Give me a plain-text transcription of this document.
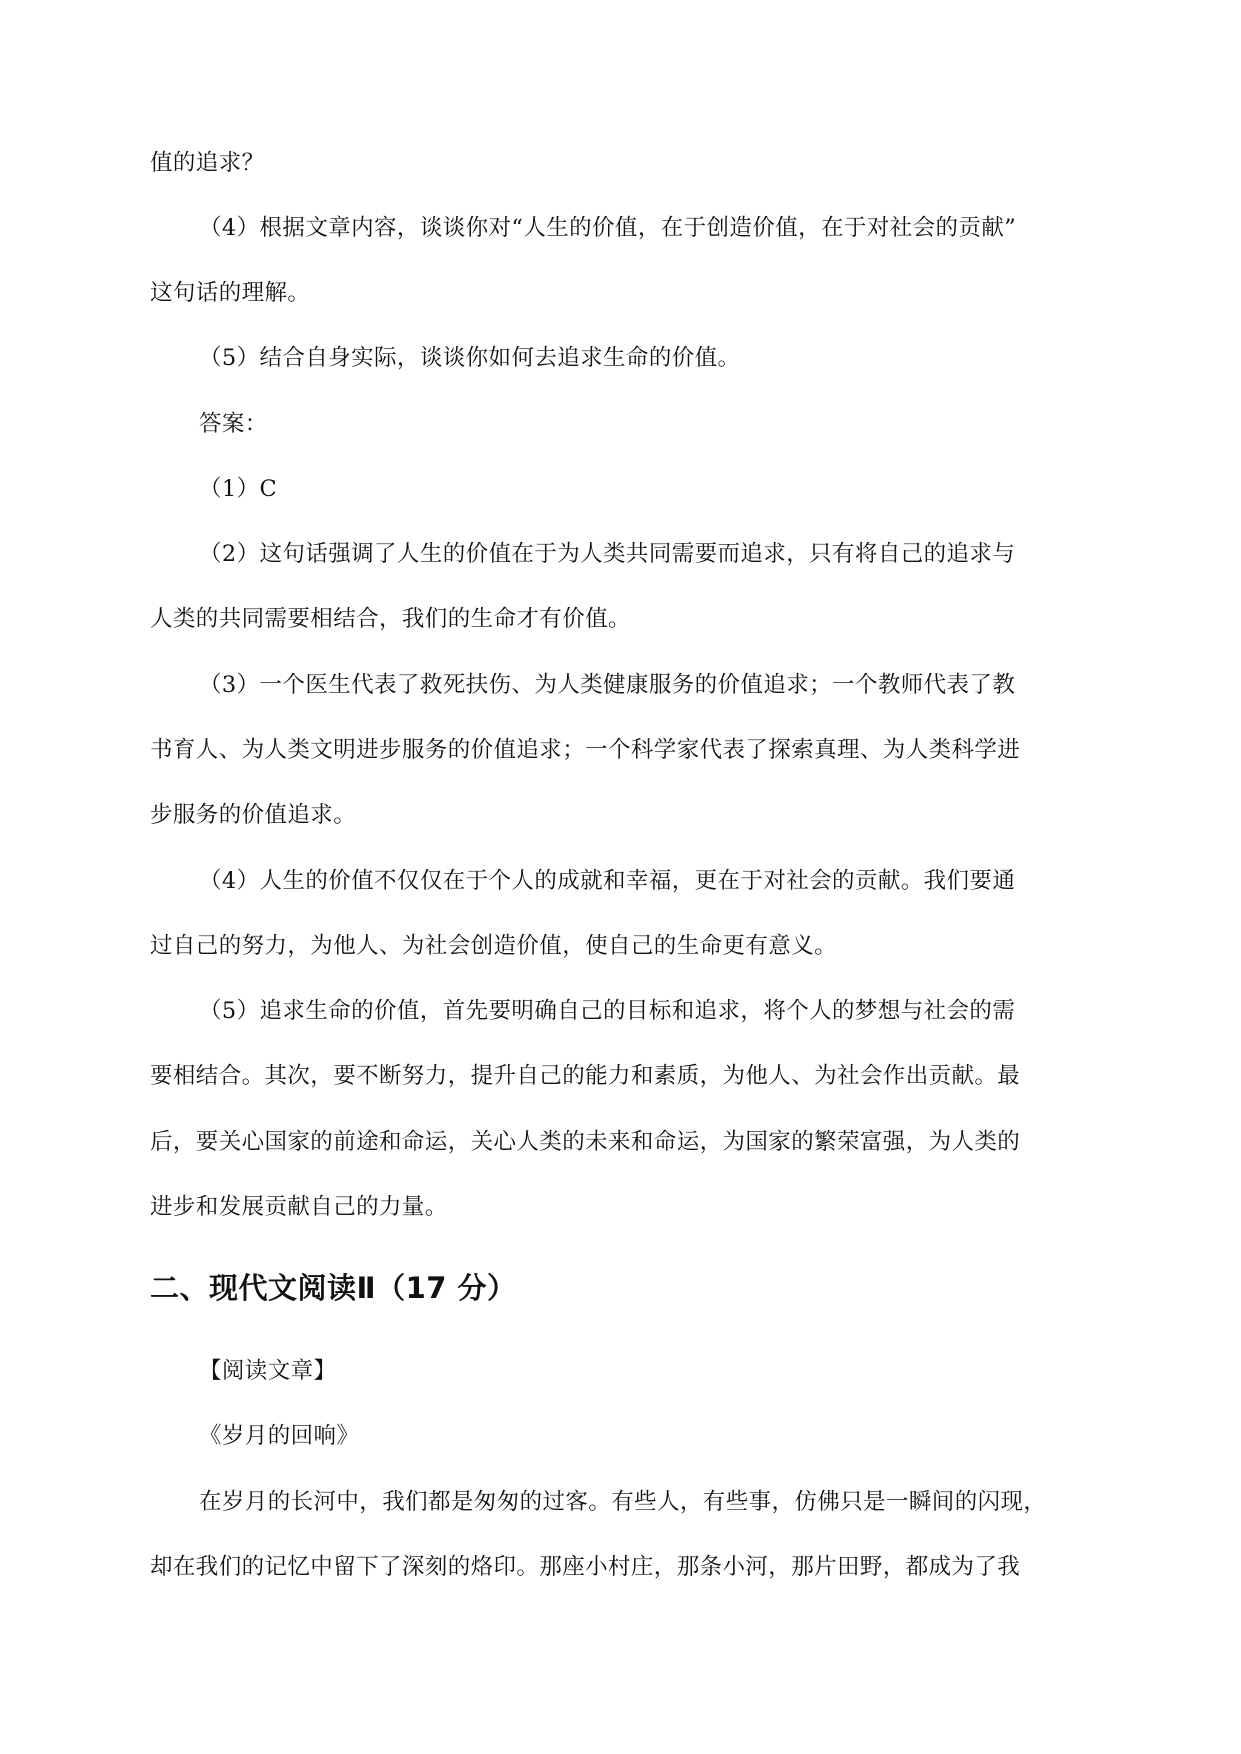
值的追求？
（4）根据文章内容，谈谈你对“人生的价值，在于创造价值，在于对社会的贡献”
这句话的理解。
（5）结合自身实际，谈谈你如何去追求生命的价值。
答案：
（1）C
（2）这句话强调了人生的价值在于为人类共同需要而追求，只有将自己的追求与
人类的共同需要相结合，我们的生命才有价值。
（3）一个医生代表了救死扶伤、为人类健康服务的价值追求；一个教师代表了教
书育人、为人类文明进步服务的价值追求；一个科学家代表了探索真理、为人类科学进
步服务的价值追求。
（4）人生的价值不仅仅在于个人的成就和幸福，更在于对社会的贡献。我们要通
过自己的努力，为他人、为社会创造价值，使自己的生命更有意义。
（5）追求生命的价值，首先要明确自己的目标和追求，将个人的梦想与社会的需
要相结合。其次，要不断努力，提升自己的能力和素质，为他人、为社会作出贡献。最
后，要关心国家的前途和命运，关心人类的未来和命运，为国家的繁荣富强，为人类的
进步和发展贡献自己的力量。
二、现代文阅读Ⅱ（17 分）
【阅读文章】
《岁月的回响》
在岁月的长河中，我们都是匆匆的过客。有些人，有些事，仿佛只是一瞬间的闪现，
却在我们的记忆中留下了深刻的烙印。那座小村庄，那条小河，那片田野，都成为了我
